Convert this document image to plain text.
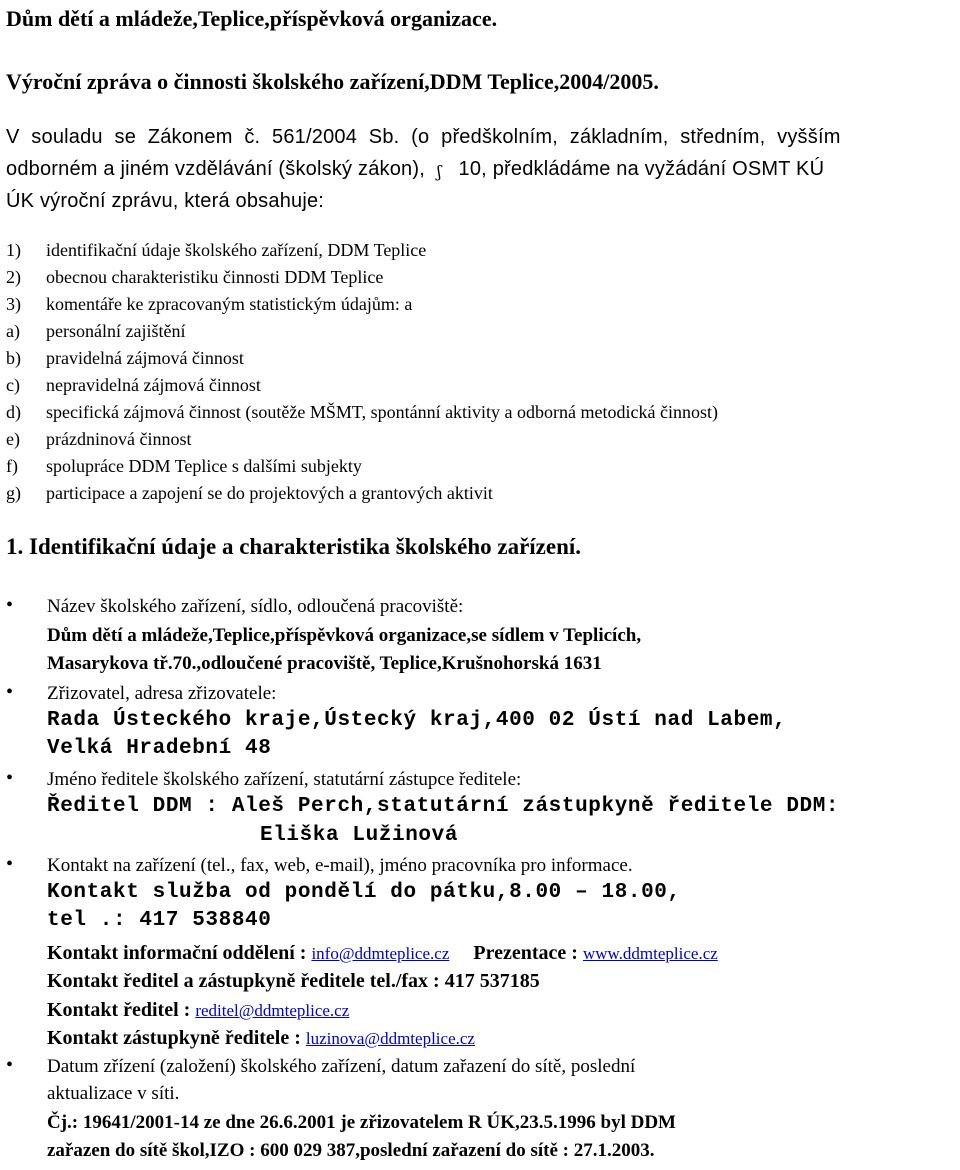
Dům dětí a mládeže,Teplice,příspěvková organizace.
Výroční zpráva o činnosti školského zařízení,DDM Teplice,2004/2005.
V souladu se Zákonem č. 561/2004 Sb. (o předškolním, základním, středním, vyšším
odborném a jiném vzdělávání (školský zákon), ʃ 10, předkládáme na vyžádání OSMT KÚ
ÚK výroční zprávu, která obsahuje:
1) identifikační údaje školského zařízení, DDM Teplice
2) obecnou charakteristiku činnosti DDM Teplice
3) komentáře ke zpracovaným statistickým údajům: a
a) personální zajištění
b) pravidelná zájmová činnost
c) nepravidelná zájmová činnost
d) specifická zájmová činnost (soutěže MŠMT, spontánní aktivity a odborná metodická činnost)
e) prázdninová činnost
f) spolupráce DDM Teplice s dalšími subjekty
g) participace a zapojení se do projektových a grantových aktivit
1. Identifikační údaje a charakteristika školského zařízení.
• Název školského zařízení, sídlo, odloučená pracoviště:
Dům dětí a mládeže,Teplice,příspěvková organizace,se sídlem v Teplicích,
Masarykova tř.70.,odloučené pracoviště, Teplice,Krušnohorská 1631
• Zřizovatel, adresa zřizovatele:
Rada Ústeckého kraje,Ústecký kraj,400 02 Ústí nad Labem,
Velká Hradební 48
• Jméno ředitele školského zařízení, statutární zástupce ředitele:
Ředitel DDM : Aleš Perch,statutární zástupkyně ředitele DDM:
Eliška Lužinová
• Kontakt na zařízení (tel., fax, web, e-mail), jméno pracovníka pro informace.
Kontakt služba od pondělí do pátku,8.00 – 18.00,
tel .: 417 538840
Kontakt informační oddělení : info@ddmteplice.cz Prezentace : www.ddmteplice.cz
Kontakt ředitel a zástupkyně ředitele tel./fax : 417 537185
Kontakt ředitel : reditel@ddmteplice.cz
Kontakt zástupkyně ředitele : luzinova@ddmteplice.cz
• Datum zřízení (založení) školského zařízení, datum zařazení do sítě, poslední
aktualizace v síti.
Čj.: 19641/2001-14 ze dne 26.6.2001 je zřizovatelem R ÚK,23.5.1996 byl DDM
zařazen do sítě škol,IZO : 600 029 387,poslední zařazení do sítě : 27.1.2003.
